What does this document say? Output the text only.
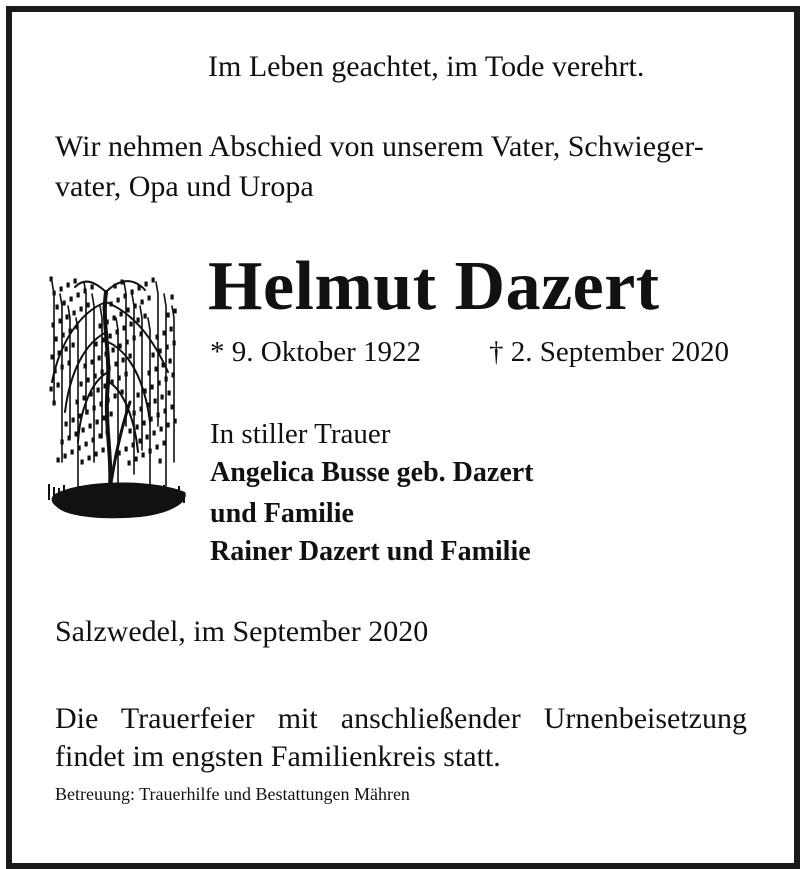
Im Leben geachtet, im Tode verehrt.
Wir nehmen Abschied von unserem Vater, Schwieger-
vater, Opa und Uropa
Helmut Dazert
* 9. Oktober 1922 † 2. September 2020
In stiller Trauer
Angelica Busse geb. Dazert
und Familie
Rainer Dazert und Familie
Salzwedel, im September 2020
Die Trauerfeier mit anschließender Urnenbeisetzung findet im engsten Familienkreis statt.
Betreuung: Trauerhilfe und Bestattungen Mähren
